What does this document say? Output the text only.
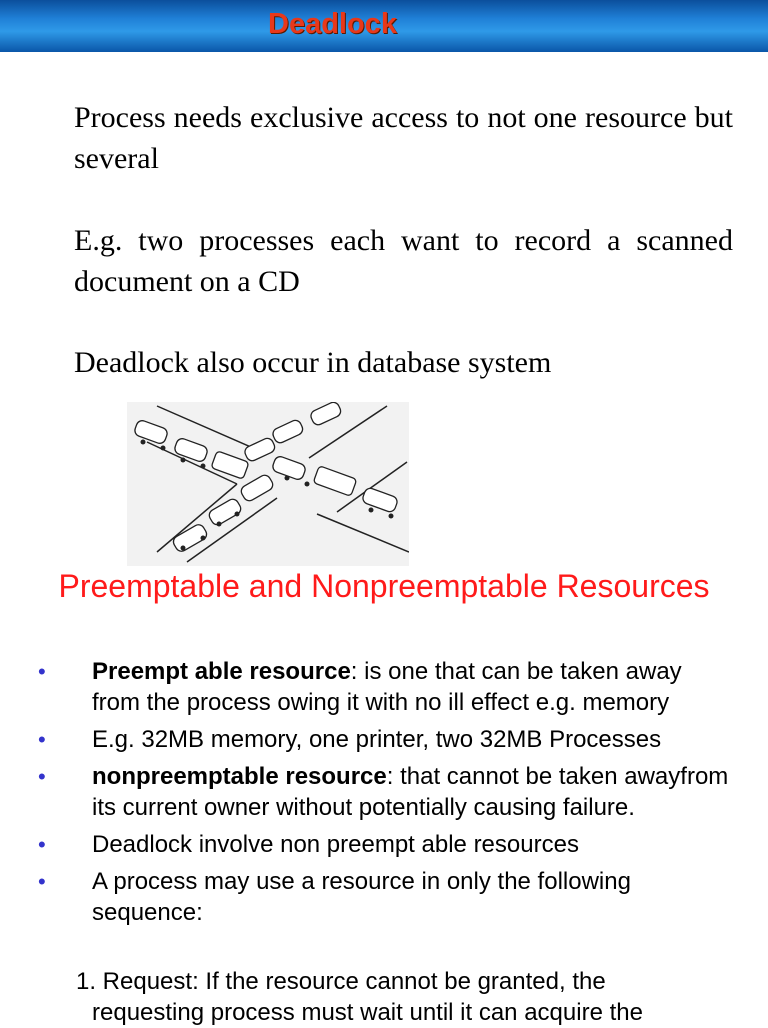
Deadlock
Process needs exclusive access to not one resource but several
E.g. two processes each want to record a scanned document on a CD
Deadlock also occur in database system
Preemptable and Nonpreemptable Resources
• Preempt able resource: is one that can be taken away from the process owing it with no ill effect e.g. memory
• E.g. 32MB memory, one printer, two 32MB Processes
• nonpreemptable resource: that cannot be taken awayfrom its current owner without potentially causing failure.
• Deadlock involve non preempt able resources
• A process may use a resource in only the following sequence:
1. Request: If the resource cannot be granted, the
requesting process must wait until it can acquire the
